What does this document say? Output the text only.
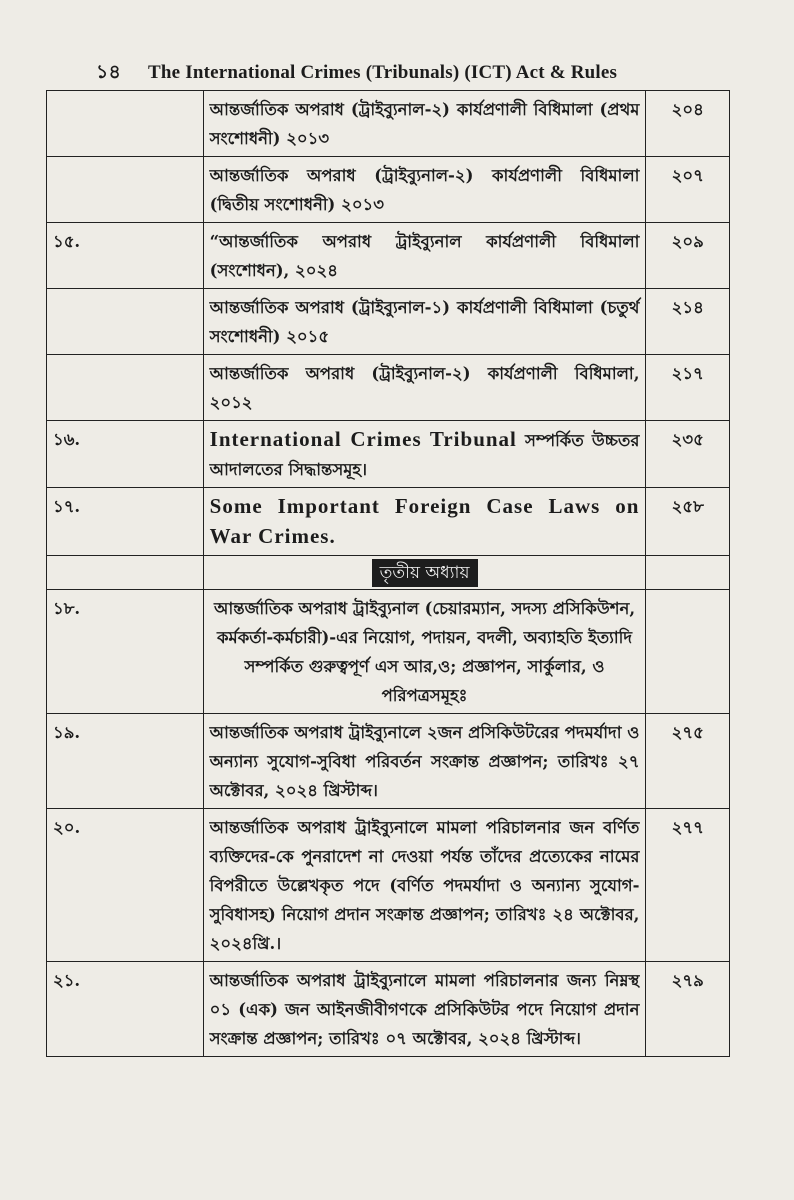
১৪ The International Crimes (Tribunals) (ICT) Act & Rules
	আন্তর্জাতিক অপরাধ (ট্রাইব্যুনাল-২) কার্যপ্রণালী বিধিমালা (প্রথম সংশোধনী) ২০১৩	২০৪
	আন্তর্জাতিক অপরাধ (ট্রাইব্যুনাল-২) কার্যপ্রণালী বিধিমালা (দ্বিতীয় সংশোধনী) ২০১৩	২০৭
১৫.	“আন্তর্জাতিক অপরাধ ট্রাইব্যুনাল কার্যপ্রণালী বিধিমালা (সংশোধন), ২০২৪	২০৯
	আন্তর্জাতিক অপরাধ (ট্রাইব্যুনাল-১) কার্যপ্রণালী বিধিমালা (চতুর্থ সংশোধনী) ২০১৫	২১৪
	আন্তর্জাতিক অপরাধ (ট্রাইব্যুনাল-২) কার্যপ্রণালী বিধিমালা, ২০১২	২১৭
১৬.	International Crimes Tribunal সম্পর্কিত উচ্চতর আদালতের সিদ্ধান্তসমূহ।	২৩৫
১৭.	Some Important Foreign Case Laws on War Crimes.	২৫৮
	তৃতীয় অধ্যায়	
১৮.	আন্তর্জাতিক অপরাধ ট্রাইব্যুনাল (চেয়ারম্যান, সদস্য প্রসিকিউশন, কর্মকর্তা-কর্মচারী)-এর নিয়োগ, পদায়ন, বদলী, অব্যাহতি ইত্যাদি সম্পর্কিত গুরুত্বপূর্ণ এস আর,ও; প্রজ্ঞাপন, সার্কুলার, ও পরিপত্রসমূহঃ	
১৯.	আন্তর্জাতিক অপরাধ ট্রাইব্যুনালে ২জন প্রসিকিউটরের পদমর্যাদা ও অন্যান্য সুযোগ-সুবিধা পরিবর্তন সংক্রান্ত প্রজ্ঞাপন; তারিখঃ ২৭ অক্টোবর, ২০২৪ খ্রিস্টাব্দ।	২৭৫
২০.	আন্তর্জাতিক অপরাধ ট্রাইব্যুনালে মামলা পরিচালনার জন বর্ণিত ব্যক্তিদের-কে পুনরাদেশ না দেওয়া পর্যন্ত তাঁদের প্রত্যেকের নামের বিপরীতে উল্লেখকৃত পদে (বর্ণিত পদমর্যাদা ও অন্যান্য সুযোগ-সুবিধাসহ) নিয়োগ প্রদান সংক্রান্ত প্রজ্ঞাপন; তারিখঃ ২৪ অক্টোবর, ২০২৪খ্রি.।	২৭৭
২১.	আন্তর্জাতিক অপরাধ ট্রাইব্যুনালে মামলা পরিচালনার জন্য নিম্নস্থ ০১ (এক) জন আইনজীবীগণকে প্রসিকিউটর পদে নিয়োগ প্রদান সংক্রান্ত প্রজ্ঞাপন; তারিখঃ ০৭ অক্টোবর, ২০২৪ খ্রিস্টাব্দ।	২৭৯
